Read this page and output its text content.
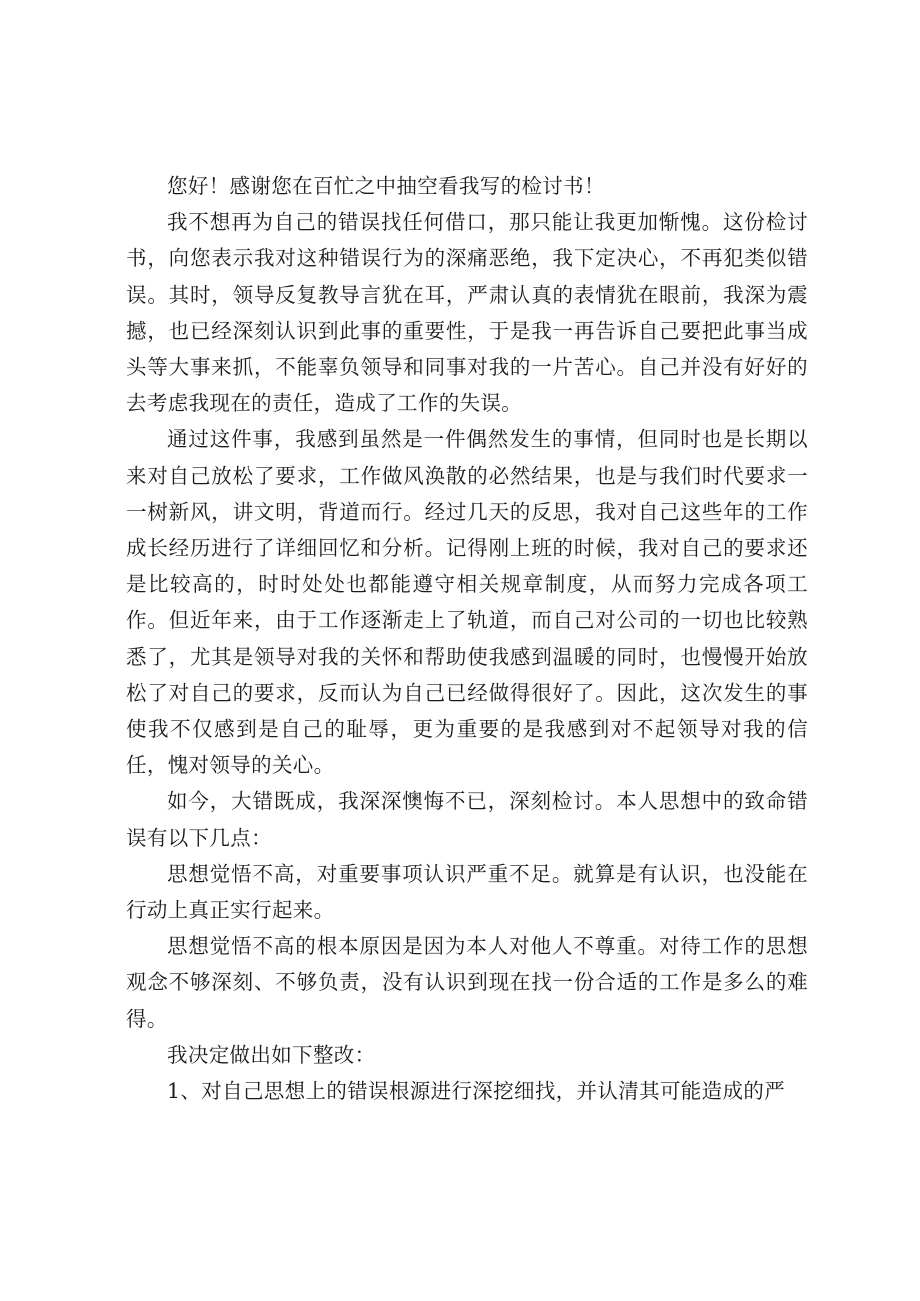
您好！感谢您在百忙之中抽空看我写的检讨书！

我不想再为自己的错误找任何借口，那只能让我更加惭愧。这份检讨书，向您表示我对这种错误行为的深痛恶绝，我下定决心，不再犯类似错误。其时，领导反复教导言犹在耳，严肃认真的表情犹在眼前，我深为震撼，也已经深刻认识到此事的重要性，于是我一再告诉自己要把此事当成头等大事来抓，不能辜负领导和同事对我的一片苦心。自己并没有好好的去考虑我现在的责任，造成了工作的失误。

通过这件事，我感到虽然是一件偶然发生的事情，但同时也是长期以来对自己放松了要求，工作做风涣散的必然结果，也是与我们时代要求一一树新风，讲文明，背道而行。经过几天的反思，我对自己这些年的工作成长经历进行了详细回忆和分析。记得刚上班的时候，我对自己的要求还是比较高的，时时处处也都能遵守相关规章制度，从而努力完成各项工作。但近年来，由于工作逐渐走上了轨道，而自己对公司的一切也比较熟悉了，尤其是领导对我的关怀和帮助使我感到温暖的同时，也慢慢开始放松了对自己的要求，反而认为自己已经做得很好了。因此，这次发生的事使我不仅感到是自己的耻辱，更为重要的是我感到对不起领导对我的信任，愧对领导的关心。

如今，大错既成，我深深懊悔不已，深刻检讨。本人思想中的致命错误有以下几点：

思想觉悟不高，对重要事项认识严重不足。就算是有认识，也没能在行动上真正实行起来。

思想觉悟不高的根本原因是因为本人对他人不尊重。对待工作的思想观念不够深刻、不够负责，没有认识到现在找一份合适的工作是多么的难得。

我决定做出如下整改：

1、对自己思想上的错误根源进行深挖细找，并认清其可能造成的严
